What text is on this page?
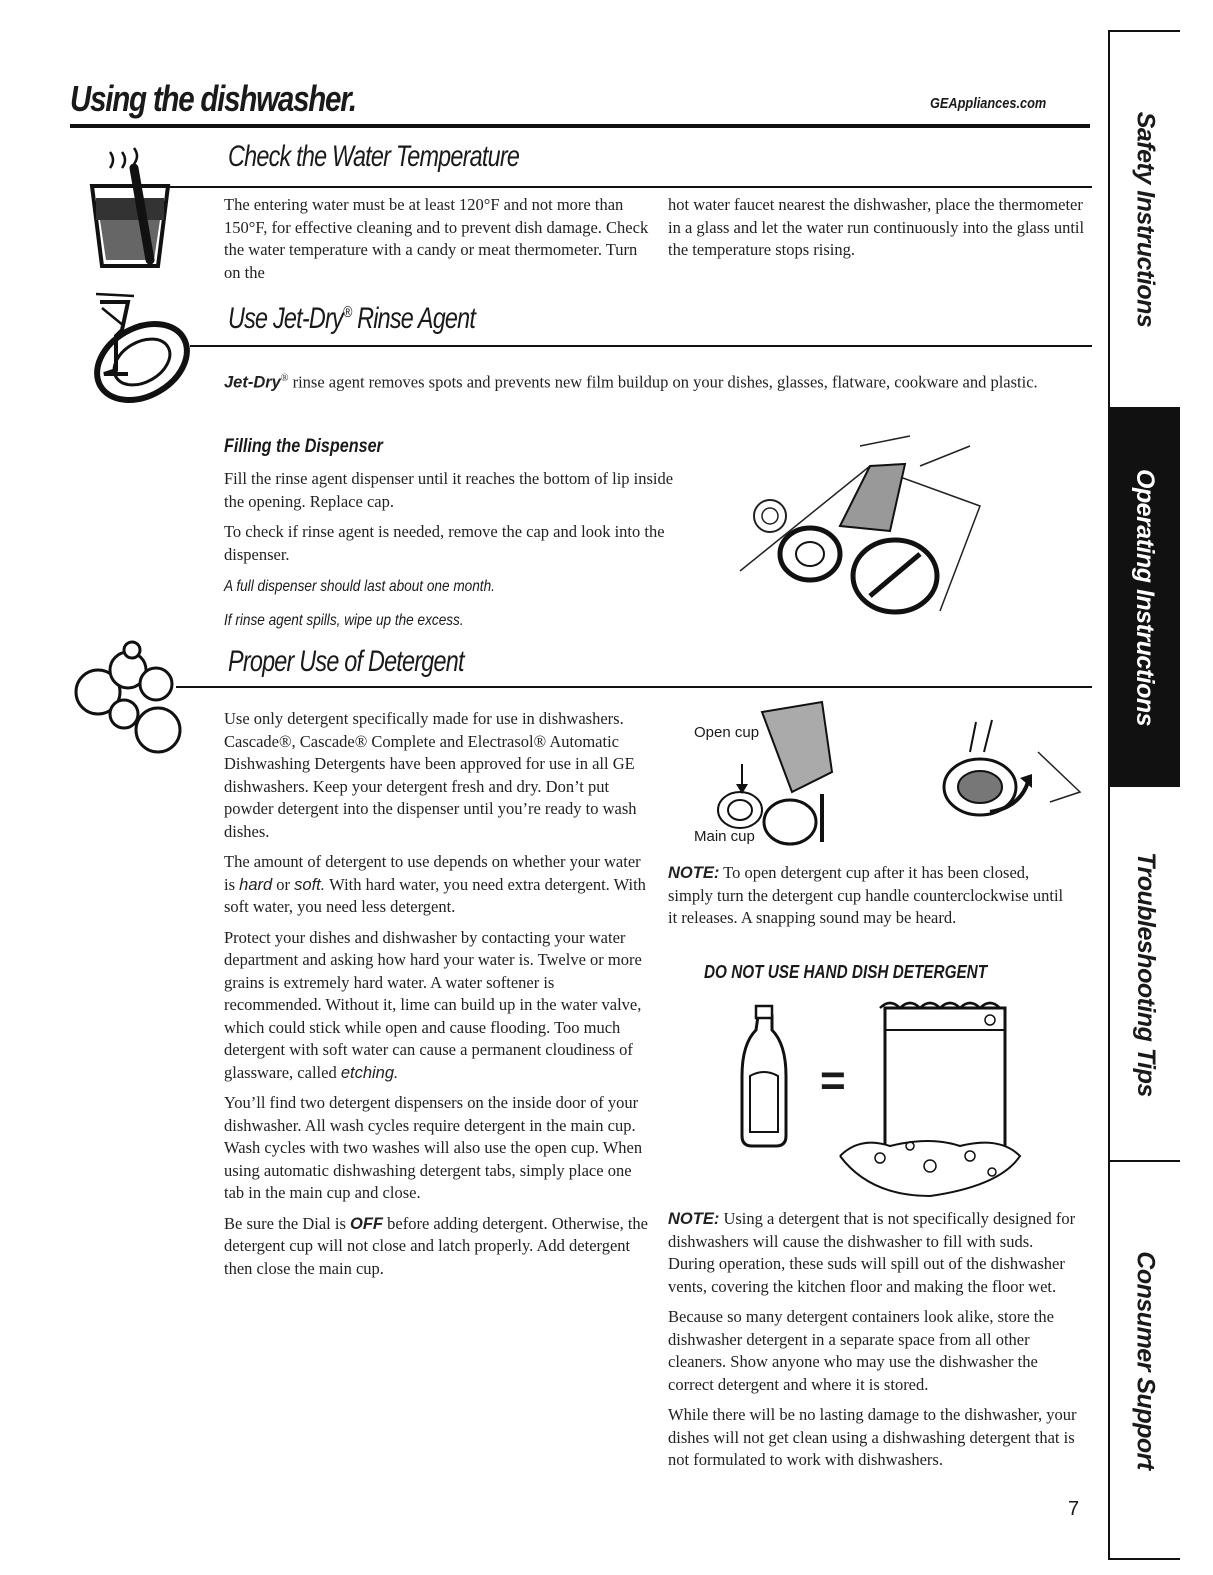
Using the dishwasher.	GEAppliances.com
Check the Water Temperature
The entering water must be at least 120°F and not more than 150°F, for effective cleaning and to prevent dish damage. Check the water temperature with a candy or meat thermometer. Turn on the
hot water faucet nearest the dishwasher, place the thermometer in a glass and let the water run continuously into the glass until the temperature stops rising.
Use Jet-Dry® Rinse Agent
Jet-Dry® rinse agent removes spots and prevents new film buildup on your dishes, glasses, flatware, cookware and plastic.
Filling the Dispenser

Fill the rinse agent dispenser until it reaches the bottom of lip inside the opening. Replace cap.

To check if rinse agent is needed, remove the cap and look into the dispenser.

A full dispenser should last about one month.
If rinse agent spills, wipe up the excess.
Proper Use of Detergent

Use only detergent specifically made for use in dishwashers. Cascade®, Cascade® Complete and Electrasol® Automatic Dishwashing Detergents have been approved for use in all GE dishwashers. Keep your detergent fresh and dry. Don’t put powder detergent into the dispenser until you’re ready to wash dishes.

The amount of detergent to use depends on whether your water is hard or soft. With hard water, you need extra detergent. With soft water, you need less detergent.

Protect your dishes and dishwasher by contacting your water department and asking how hard your water is. Twelve or more grains is extremely hard water. A water softener is recommended. Without it, lime can build up in the water valve, which could stick while open and cause flooding. Too much detergent with soft water can cause a permanent cloudiness of glassware, called etching.

You’ll find two detergent dispensers on the inside door of your dishwasher. All wash cycles require detergent in the main cup. Wash cycles with two washes will also use the open cup. When using automatic dishwashing detergent tabs, simply place one tab in the main cup and close.

Be sure the Dial is OFF before adding detergent. Otherwise, the detergent cup will not close and latch properly. Add detergent then close the main cup.

Open cup
Main cup
NOTE: To open detergent cup after it has been closed, simply turn the detergent cup handle counterclockwise until it releases. A snapping sound may be heard.
DO NOT USE HAND DISH DETERGENT
=

NOTE: Using a detergent that is not specifically designed for dishwashers will cause the dishwasher to fill with suds. During operation, these suds will spill out of the dishwasher vents, covering the kitchen floor and making the floor wet.

Because so many detergent containers look alike, store the dishwasher detergent in a separate space from all other cleaners. Show anyone who may use the dishwasher the correct detergent and where it is stored.

While there will be no lasting damage to the dishwasher, your dishes will not get clean using a dishwashing detergent that is not formulated to work with dishwashers.

7
Safety Instructions
Operating Instructions
Troubleshooting Tips
Consumer Support
